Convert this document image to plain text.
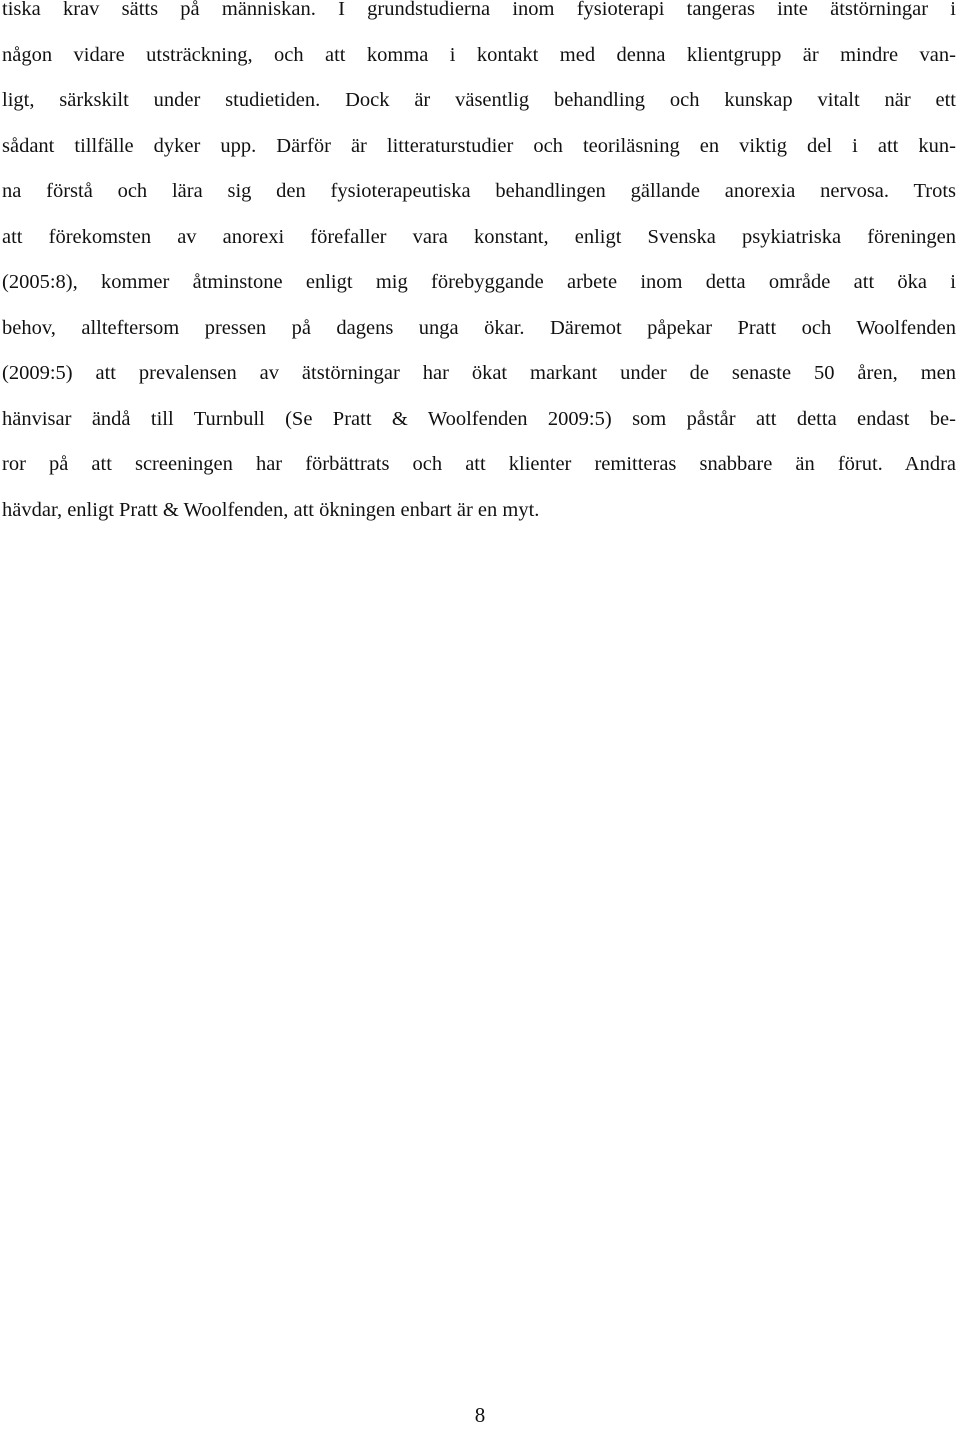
tiska krav sätts på människan. I grundstudierna inom fysioterapi tangeras inte ätstörningar i
någon vidare utsträckning, och att komma i kontakt med denna klientgrupp är mindre van-
ligt, särkskilt under studietiden. Dock är väsentlig behandling och kunskap vitalt när ett
sådant tillfälle dyker upp. Därför är litteraturstudier och teoriläsning en viktig del i att kun-
na förstå och lära sig den fysioterapeutiska behandlingen gällande anorexia nervosa. Trots
att förekomsten av anorexi förefaller vara konstant, enligt Svenska psykiatriska föreningen
(2005:8), kommer åtminstone enligt mig förebyggande arbete inom detta område att öka i
behov, allteftersom pressen på dagens unga ökar. Däremot påpekar Pratt och Woolfenden
(2009:5) att prevalensen av ätstörningar har ökat markant under de senaste 50 åren, men
hänvisar ändå till Turnbull (Se Pratt & Woolfenden 2009:5) som påstår att detta endast be-
ror på att screeningen har förbättrats och att klienter remitteras snabbare än förut. Andra
hävdar, enligt Pratt & Woolfenden, att ökningen enbart är en myt.
8
